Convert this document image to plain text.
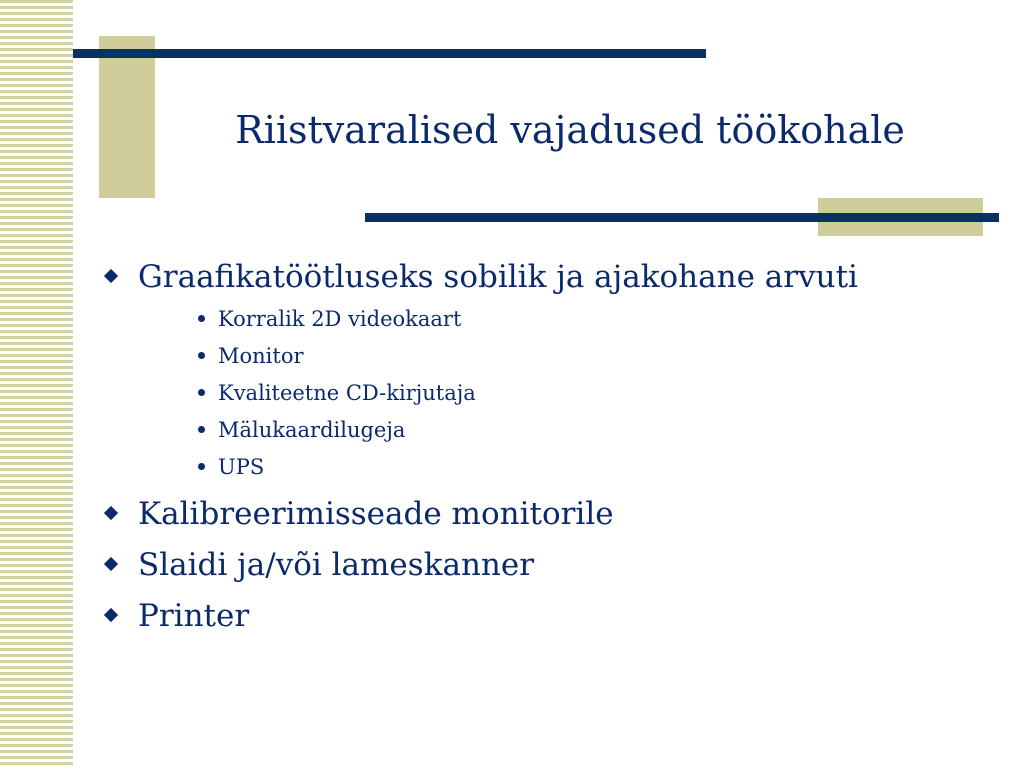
Riistvaralised vajadused töökohale
Graafikatöötluseks sobilik ja ajakohane arvuti
Korralik 2D videokaart
Monitor
Kvaliteetne CD-kirjutaja
Mälukaardilugeja
UPS
Kalibreerimisseade monitorile
Slaidi ja/või lameskanner
Printer
